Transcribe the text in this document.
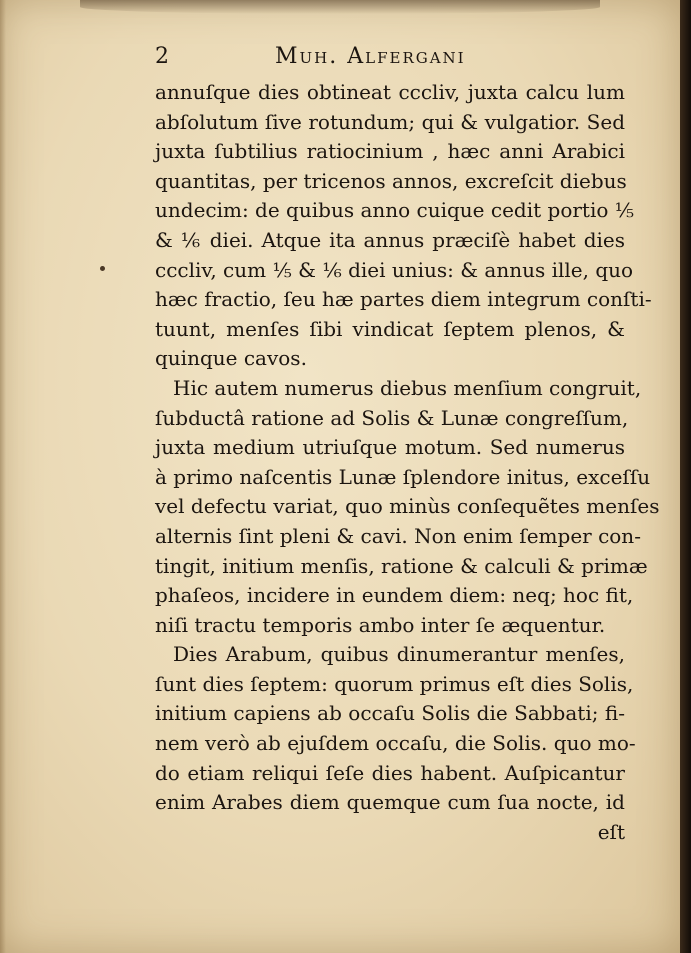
2	Muh. Alfergani
annuſque dies obtineat cccliv, juxta calcu lum
abſolutum ſive rotundum; qui & vulgatior. Sed
juxta ſubtilius ratiocinium , hæc anni Arabici
quantitas, per tricenos annos, excreſcit diebus
undecim: de quibus anno cuique cedit portio ⅕
& ⅙ diei. Atque ita annus præciſè habet dies
cccliv, cum ⅕ & ⅙ diei unius: & annus ille, quo
hæc fractio, ſeu hæ partes diem integrum conſti-
tuunt, menſes ſibi vindicat ſeptem plenos, &
quinque cavos.
Hic autem numerus diebus menſium congruit,
ſubductâ ratione ad Solis & Lunæ congreſſum,
juxta medium utriuſque motum. Sed numerus
à primo naſcentis Lunæ ſplendore initus, exceſſu
vel defectu variat, quo minùs conſequẽtes menſes
alternis ſint pleni & cavi. Non enim ſemper con-
tingit, initium menſis, ratione & calculi & primæ
phaſeos, incidere in eundem diem: neq; hoc fit,
niſi tractu temporis ambo inter ſe æquentur.
Dies Arabum, quibus dinumerantur menſes,
ſunt dies ſeptem: quorum primus eſt dies Solis,
initium capiens ab occaſu Solis die Sabbati; fi-
nem verò ab ejuſdem occaſu, die Solis. quo mo-
do etiam reliqui ſeſe dies habent. Auſpicantur
enim Arabes diem quemque cum ſua nocte, id
eſt
